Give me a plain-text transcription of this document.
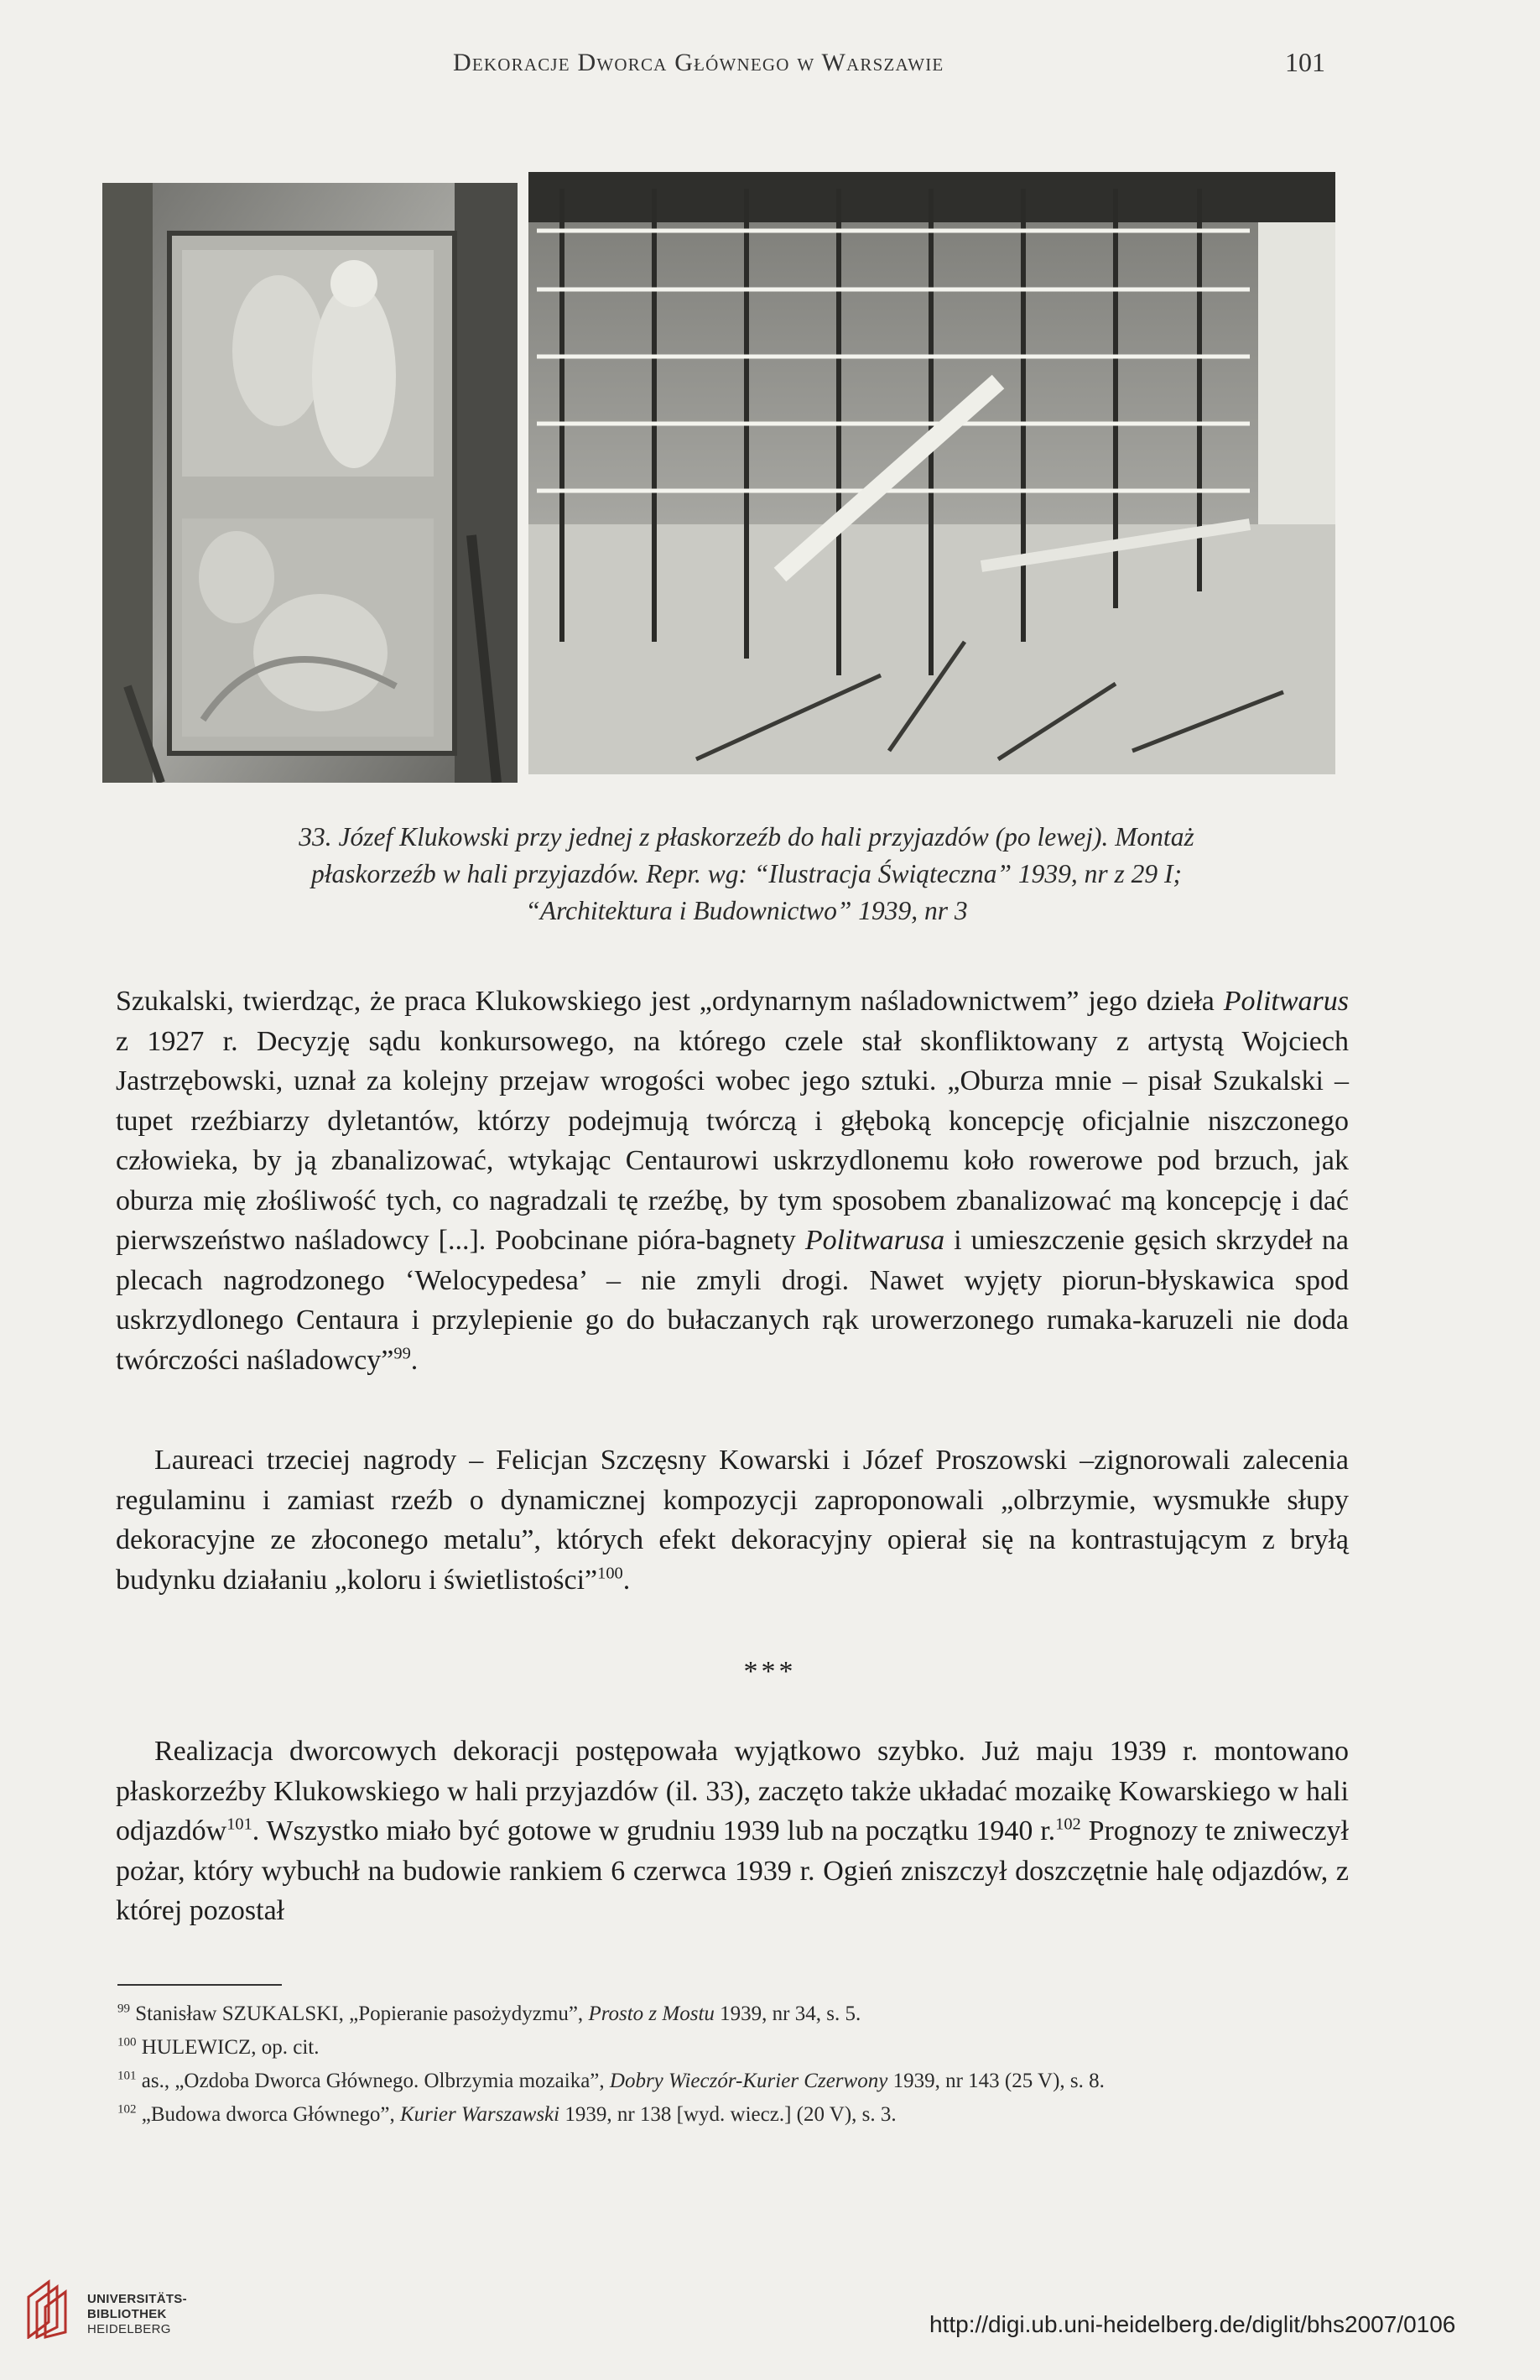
Dekoracje Dworca Głównego w Warszawie	101
33. Józef Klukowski przy jednej z płaskorzeźb do hali przyjazdów (po lewej). Montaż
płaskorzeźb w hali przyjazdów. Repr. wg: “Ilustracja Świąteczna” 1939, nr z 29 I;
“Architektura i Budownictwo” 1939, nr 3

Szukalski, twierdząc, że praca Klukowskiego jest „ordynarnym naśladownictwem” jego dzieła Politwarus z 1927 r. Decyzję sądu konkursowego, na którego czele stał skonfliktowany z artystą Wojciech Jastrzębowski, uznał za kolejny przejaw wrogości wobec jego sztuki. „Oburza mnie – pisał Szukalski – tupet rzeźbiarzy dyletantów, którzy podejmują twórczą i głęboką koncepcję oficjalnie niszczonego człowieka, by ją zbanalizować, wtykając Centaurowi uskrzydlonemu koło rowerowe pod brzuch, jak oburza mię złośliwość tych, co nagradzali tę rzeźbę, by tym sposobem zbanalizować mą koncepcję i dać pierwszeństwo naśladowcy [...]. Poobcinane pióra-bagnety Politwarusa i umieszczenie gęsich skrzydeł na plecach nagrodzonego ‘Welocypedesa’ – nie zmyli drogi. Nawet wyjęty piorun-błyskawica spod uskrzydlonego Centaura i przylepienie go do bułaczanych rąk urowerzonego rumaka-karuzeli nie doda twórczości naśladowcy”$^{99}$.

Laureaci trzeciej nagrody – Felicjan Szczęsny Kowarski i Józef Proszowski –zignorowali zalecenia regulaminu i zamiast rzeźb o dynamicznej kompozycji zaproponowali „olbrzymie, wysmukłe słupy dekoracyjne ze złoconego metalu”, których efekt dekoracyjny opierał się na kontrastującym z bryłą budynku działaniu „koloru i świetlistości”$^{100}$.

***

Realizacja dworcowych dekoracji postępowała wyjątkowo szybko. Już maju 1939 r. montowano płaskorzeźby Klukowskiego w hali przyjazdów (il. 33), zaczęto także układać mozaikę Kowarskiego w hali odjazdów$^{101}$. Wszystko miało być gotowe w grudniu 1939 lub na początku 1940 r.$^{102}$ Prognozy te zniweczył pożar, który wybuchł na budowie rankiem 6 czerwca 1939 r. Ogień zniszczył doszczętnie halę odjazdów, z której pozostał

$^{99}$ Stanisław SZUKALSKI, „Popieranie pasożydyzmu”, Prosto z Mostu 1939, nr 34, s. 5.
$^{100}$ HULEWICZ, op. cit.
$^{101}$ as., „Ozdoba Dworca Głównego. Olbrzymia mozaika”, Dobry Wieczór-Kurier Czerwony 1939, nr 143 (25 V), s. 8.
$^{102}$ „Budowa dworca Głównego”, Kurier Warszawski 1939, nr 138 [wyd. wiecz.] (20 V), s. 3.
UNIVERSITÄTS-
BIBLIOTHEK
HEIDELBERG	http://digi.ub.uni-heidelberg.de/diglit/bhs2007/0106
